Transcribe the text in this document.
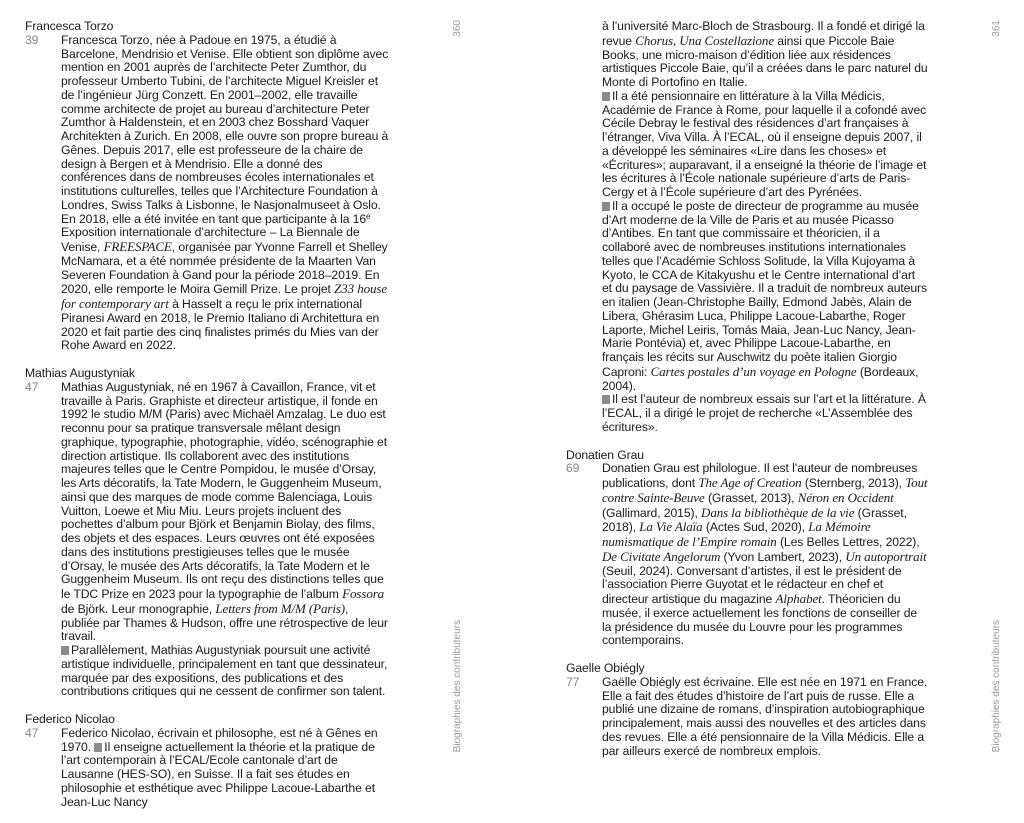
Francesca Torzo

39 Francesca Torzo, née à Padoue en 1975, a étudié à Barcelone, Mendrisio et Venise. Elle obtient son diplôme avec mention en 2001 auprès de l’architecte Peter Zumthor, du professeur Umberto Tubini, de l’architecte Miguel Kreisler et de l’ingénieur Jürg Conzett. En 2001–2002, elle travaille comme architecte de projet au bureau d’architecture Peter Zumthor à Haldenstein, et en 2003 chez Bosshard Vaquer Architekten à Zurich. En 2008, elle ouvre son propre bureau à Gênes. Depuis 2017, elle est professeure de la chaire de design à Bergen et à Mendrisio. Elle a donné des conférences dans de nombreuses écoles internationales et institutions culturelles, telles que l’Architecture Foundation à Londres, Swiss Talks à Lisbonne, le Nasjonalmuseet à Oslo. En 2018, elle a été invitée en tant que participante à la 16e Exposition internationale d’architecture – La Biennale de Venise, FREESPACE, organisée par Yvonne Farrell et Shelley McNamara, et a été nommée présidente de la Maarten Van Severen Foundation à Gand pour la période 2018–2019. En 2020, elle remporte le Moira Gemill Prize. Le projet Z33 house for contemporary art à Hasselt a reçu le prix international Piranesi Award en 2018, le Premio Italiano di Architettura en 2020 et fait partie des cinq finalistes primés du Mies van der Rohe Award en 2022.

Mathias Augustyniak

47 Mathias Augustyniak, né en 1967 à Cavaillon, France, vit et travaille à Paris. Graphiste et directeur artistique, il fonde en 1992 le studio M/M (Paris) avec Michaël Amzalag. Le duo est reconnu pour sa pratique transversale mêlant design graphique, typographie, photographie, vidéo, scénographie et direction artistique. Ils collaborent avec des institutions majeures telles que le Centre Pompidou, le musée d’Orsay, les Arts décoratifs, la Tate Modern, le Guggenheim Museum, ainsi que des marques de mode comme Balenciaga, Louis Vuitton, Loewe et Miu Miu. Leurs projets incluent des pochettes d’album pour Björk et Benjamin Biolay, des films, des objets et des espaces. Leurs œuvres ont été exposées dans des institutions prestigieuses telles que le musée d’Orsay, le musée des Arts décoratifs, la Tate Modern et le Guggenheim Museum. Ils ont reçu des distinctions telles que le TDC Prize en 2023 pour la typographie de l’album Fossora de Björk. Leur monographie, Letters from M/M (Paris), publiée par Thames & Hudson, offre une rétrospective de leur travail.

Parallèlement, Mathias Augustyniak poursuit une activité artistique individuelle, principalement en tant que dessinateur, marquée par des expositions, des publications et des contributions critiques qui ne cessent de confirmer son talent.

Federico Nicolao

47 Federico Nicolao, écrivain et philosophe, est né à Gênes en 1970. Il enseigne actuellement la théorie et la pratique de l’art contemporain à l’ECAL/Ecole cantonale d’art de Lausanne (HES-SO), en Suisse. Il a fait ses études en philosophie et esthétique avec Philippe Lacoue-Labarthe et Jean-Luc Nancy

à l’université Marc-Bloch de Strasbourg. Il a fondé et dirigé la revue Chorus, Una Costellazione ainsi que Piccole Baie Books, une micro-maison d’édition liée aux résidences artistiques Piccole Baie, qu’il a créées dans le parc naturel du Monte di Portofino en Italie.

Il a été pensionnaire en littérature à la Villa Médicis, Académie de France à Rome, pour laquelle il a cofondé avec Cécile Debray le festival des résidences d’art françaises à l’étranger, Viva Villa. À l’ECAL, où il enseigne depuis 2007, il a développé les séminaires «Lire dans les choses» et «Écritures»; auparavant, il a enseigné la théorie de l’image et les écritures à l’École nationale supérieure d’arts de Paris-Cergy et à l’École supérieure d’art des Pyrénées.

Il a occupé le poste de directeur de programme au musée d’Art moderne de la Ville de Paris et au musée Picasso d’Antibes. En tant que commissaire et théoricien, il a collaboré avec de nombreuses institutions internationales telles que l’Académie Schloss Solitude, la Villa Kujoyama à Kyoto, le CCA de Kitakyushu et le Centre international d’art et du paysage de Vassivière. Il a traduit de nombreux auteurs en italien (Jean-Christophe Bailly, Edmond Jabès, Alain de Libera, Ghérasim Luca, Philippe Lacoue-Labarthe, Roger Laporte, Michel Leiris, Tomás Maia, Jean-Luc Nancy, Jean-Marie Pontévia) et, avec Philippe Lacoue-Labarthe, en français les récits sur Auschwitz du poète italien Giorgio Caproni: Cartes postales d’un voyage en Pologne (Bordeaux, 2004).

Il est l’auteur de nombreux essais sur l’art et la littérature. À l’ECAL, il a dirigé le projet de recherche «L’Assemblée des écritures».

Donatien Grau

69 Donatien Grau est philologue. Il est l’auteur de nombreuses publications, dont The Age of Creation (Sternberg, 2013), Tout contre Sainte-Beuve (Grasset, 2013), Néron en Occident (Gallimard, 2015), Dans la bibliothèque de la vie (Grasset, 2018), La Vie Alaïa (Actes Sud, 2020), La Mémoire numismatique de l’Empire romain (Les Belles Lettres, 2022), De Civitate Angelorum (Yvon Lambert, 2023), Un autoportrait (Seuil, 2024). Conversant d’artistes, il est le président de l’association Pierre Guyotat et le rédacteur en chef et directeur artistique du magazine Alphabet. Théoricien du musée, il exerce actuellement les fonctions de conseiller de la présidence du musée du Louvre pour les programmes contemporains.

Gaelle Obiégly

77 Gaëlle Obiégly est écrivaine. Elle est née en 1971 en France. Elle a fait des études d’histoire de l’art puis de russe. Elle a publié une dizaine de romans, d’inspiration autobiographique principalement, mais aussi des nouvelles et des articles dans des revues. Elle a été pensionnaire de la Villa Médicis. Elle a par ailleurs exercé de nombreux emplois.

360	361
Biographies des contributeurs	Biographies des contributeurs
